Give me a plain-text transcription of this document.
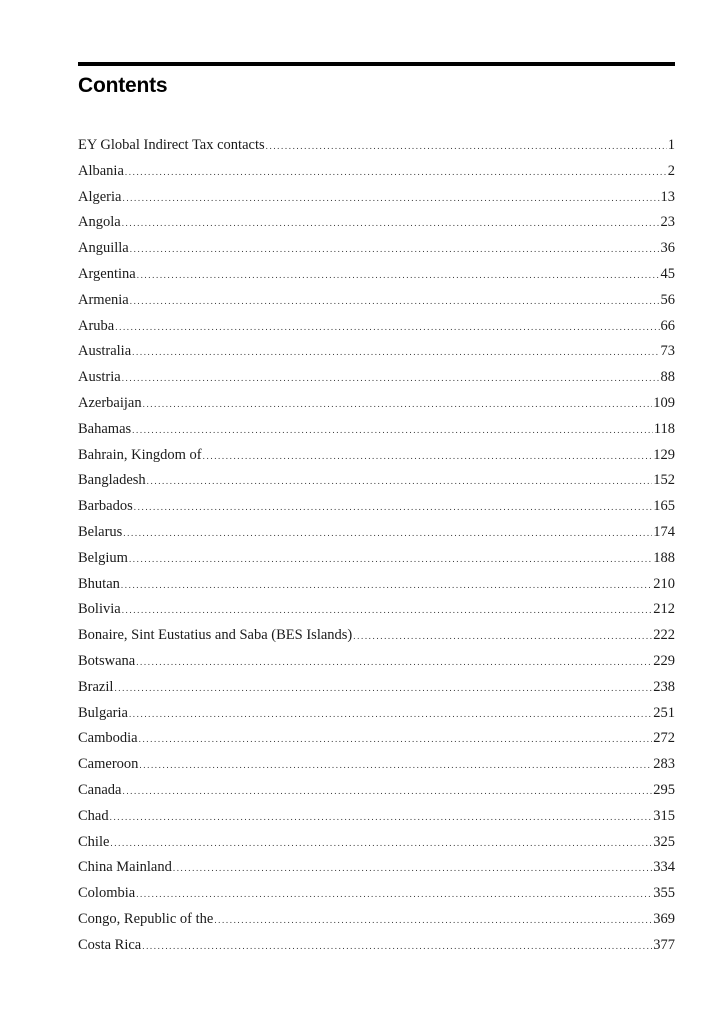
Contents
EY Global Indirect Tax contacts .....	1
Albania .....	2
Algeria .....	13
Angola .....	23
Anguilla .....	36
Argentina .....	45
Armenia .....	56
Aruba .....	66
Australia .....	73
Austria .....	88
Azerbaijan .....	109
Bahamas .....	118
Bahrain, Kingdom of .....	129
Bangladesh .....	152
Barbados .....	165
Belarus .....	174
Belgium .....	188
Bhutan .....	210
Bolivia .....	212
Bonaire, Sint Eustatius and Saba (BES Islands) .....	222
Botswana .....	229
Brazil .....	238
Bulgaria .....	251
Cambodia .....	272
Cameroon .....	283
Canada .....	295
Chad .....	315
Chile .....	325
China Mainland .....	334
Colombia .....	355
Congo, Republic of the .....	369
Costa Rica .....	377
